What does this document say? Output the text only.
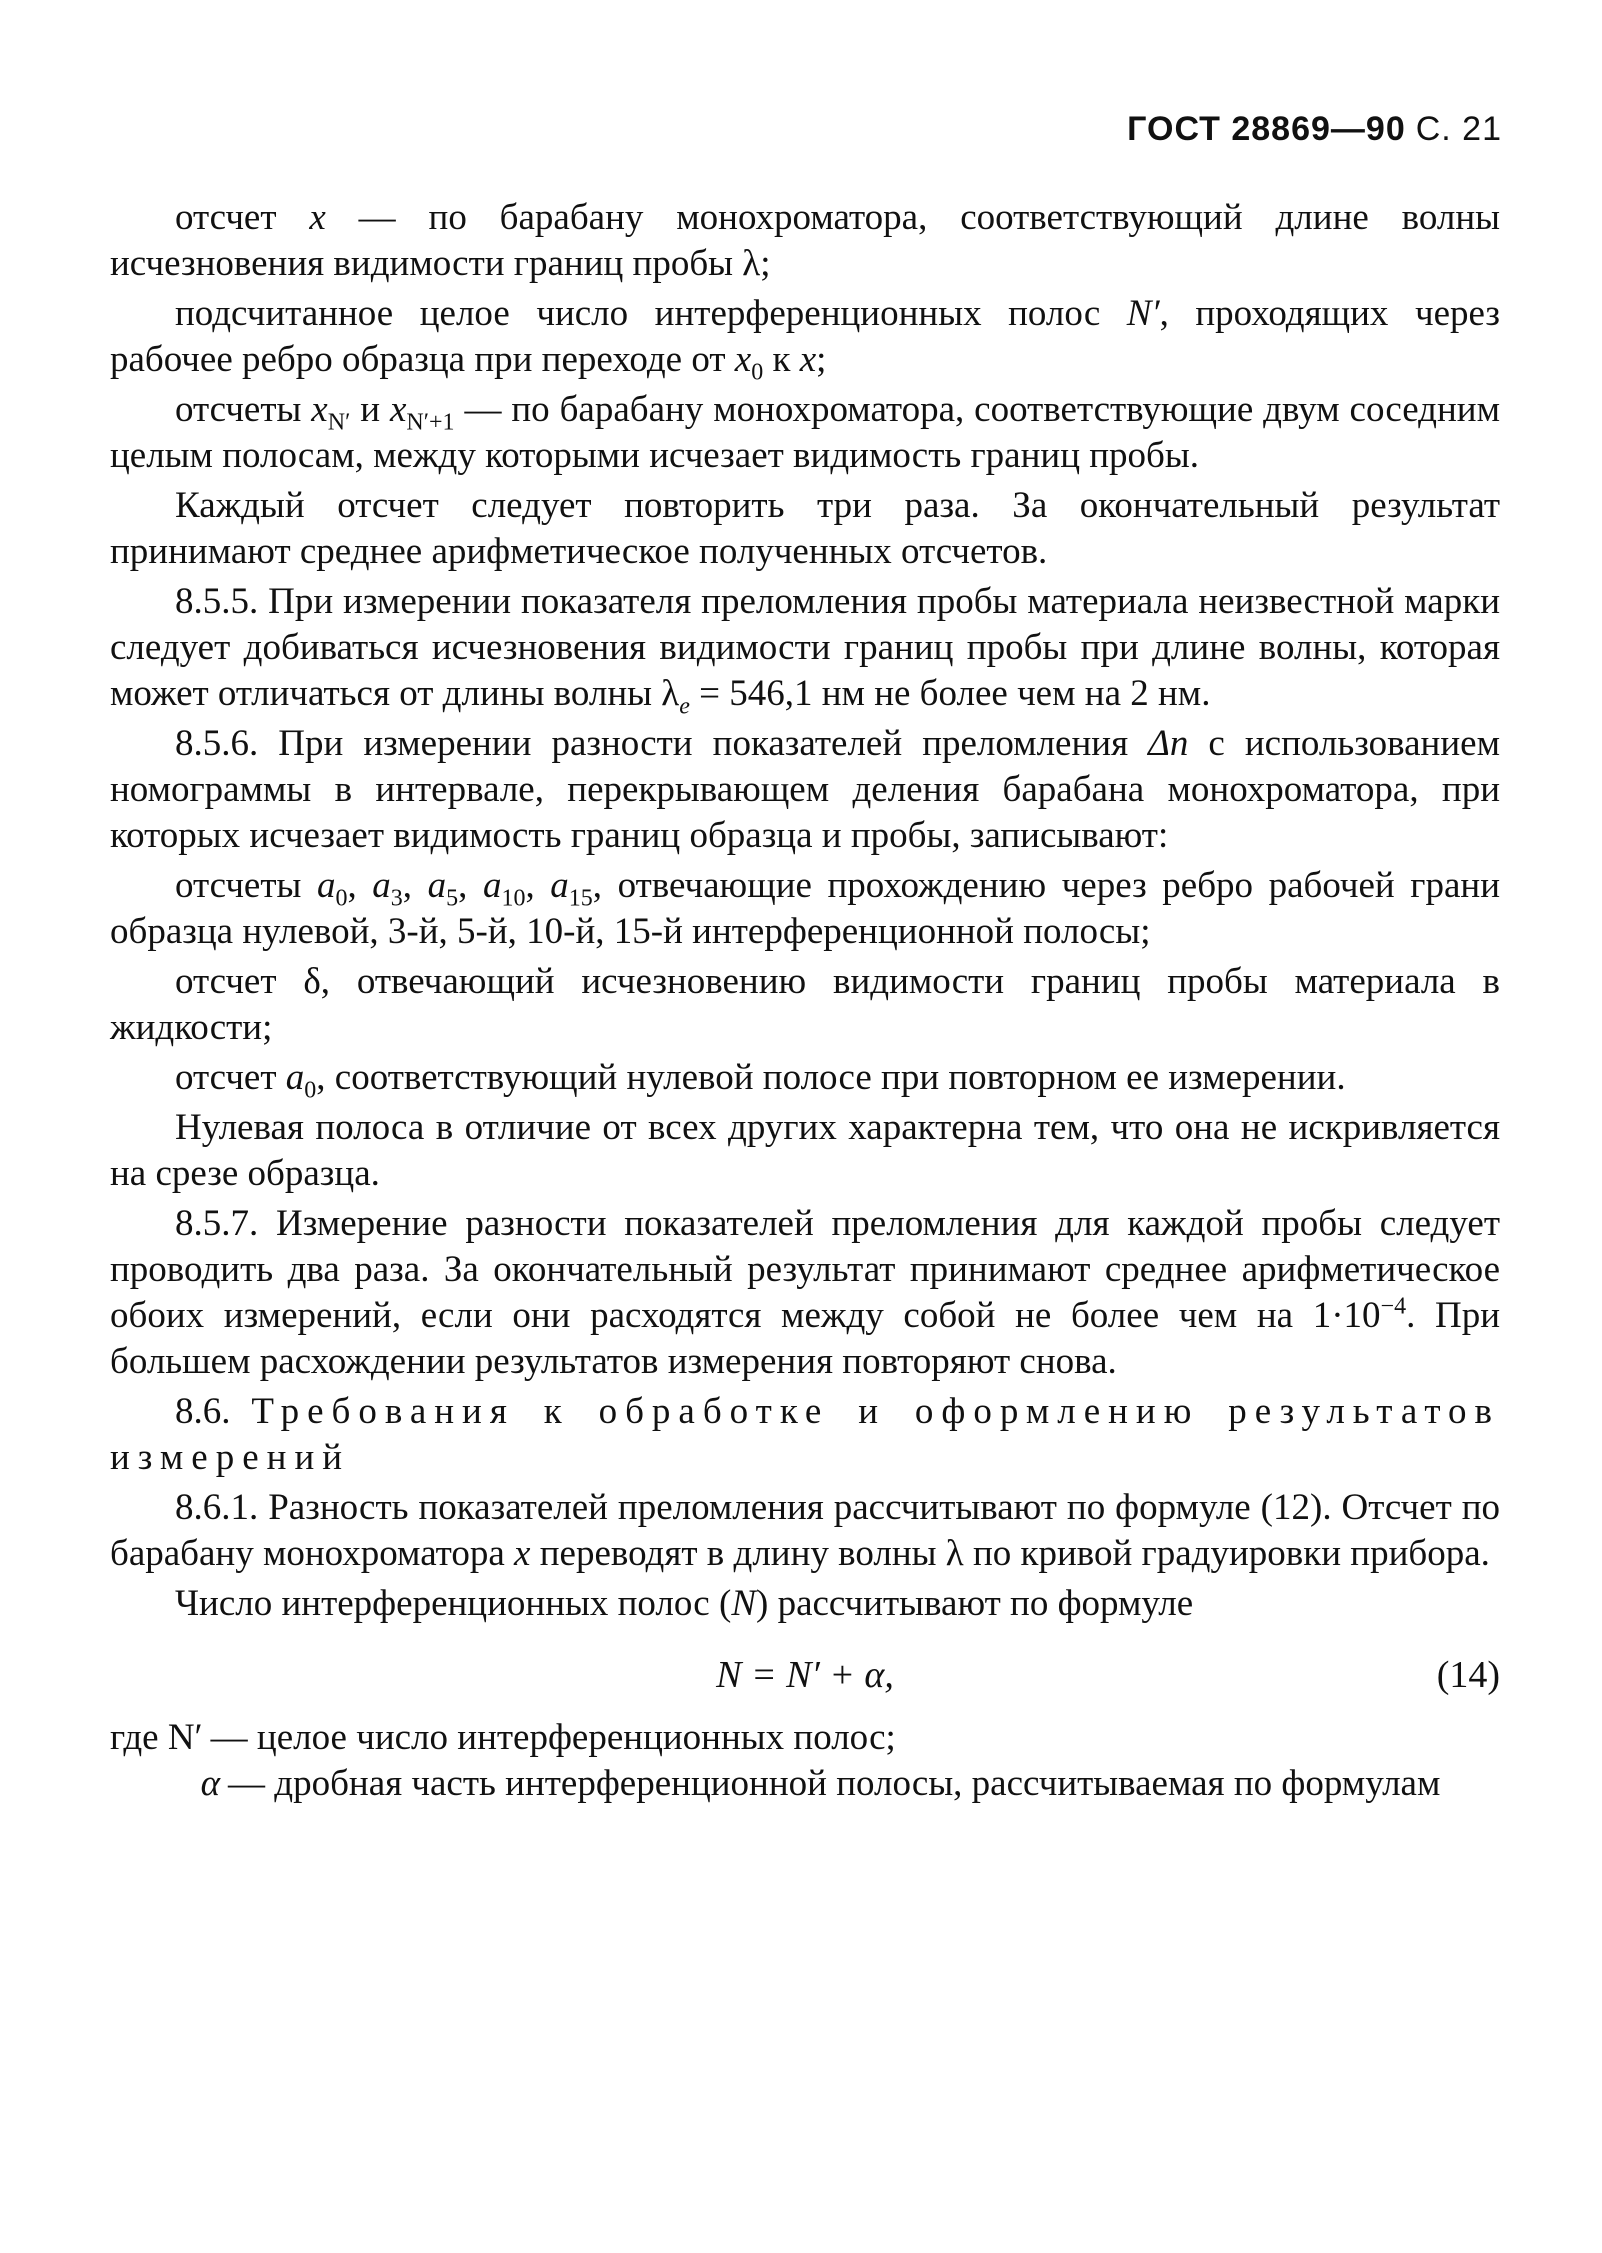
ГОСТ 28869—90 С. 21

отсчет x — по барабану монохроматора, соответствующий длине волны исчезновения видимости границ пробы λ;

подсчитанное целое число интерференционных полос N′, проходящих через рабочее ребро образца при переходе от $x_0$ к x;

отсчеты $x_{N'}$ и $x_{N'+1}$ — по барабану монохроматора, соответствующие двум соседним целым полосам, между которыми исчезает видимость границ пробы.

Каждый отсчет следует повторить три раза. За окончательный результат принимают среднее арифметическое полученных отсчетов.

8.5.5. При измерении показателя преломления пробы материала неизвестной марки следует добиваться исчезновения видимости границ пробы при длине волны, которая может отличаться от длины волны $\lambda_e = 546,1$ нм не более чем на 2 нм.

8.5.6. При измерении разности показателей преломления Δn с использованием номограммы в интервале, перекрывающем деления барабана монохроматора, при которых исчезает видимость границ образца и пробы, записывают:

отсчеты $a_0$, $a_3$, $a_5$, $a_{10}$, $a_{15}$, отвечающие прохождению через ребро рабочей грани образца нулевой, 3-й, 5-й, 10-й, 15-й интерференционной полосы;

отсчет δ, отвечающий исчезновению видимости границ пробы материала в жидкости;

отсчет $a_0$, соответствующий нулевой полосе при повторном ее измерении.

Нулевая полоса в отличие от всех других характерна тем, что она не искривляется на срезе образца.

8.5.7. Измерение разности показателей преломления для каждой пробы следует проводить два раза. За окончательный результат принимают среднее арифметическое обоих измерений, если они расходятся между собой не более чем на $1\cdot 10^{-4}$. При большем расхождении результатов измерения повторяют снова.

8.6. Требования к обработке и оформлению результатов измерений

8.6.1. Разность показателей преломления рассчитывают по формуле (12). Отсчет по барабану монохроматора x переводят в длину волны λ по кривой градуировки прибора.

Число интерференционных полос (N) рассчитывают по формуле

N = N′ + α,	(14)
где N′ — целое число интерференционных полос;
α — дробная часть интерференционной полосы, рассчитываемая по формулам
